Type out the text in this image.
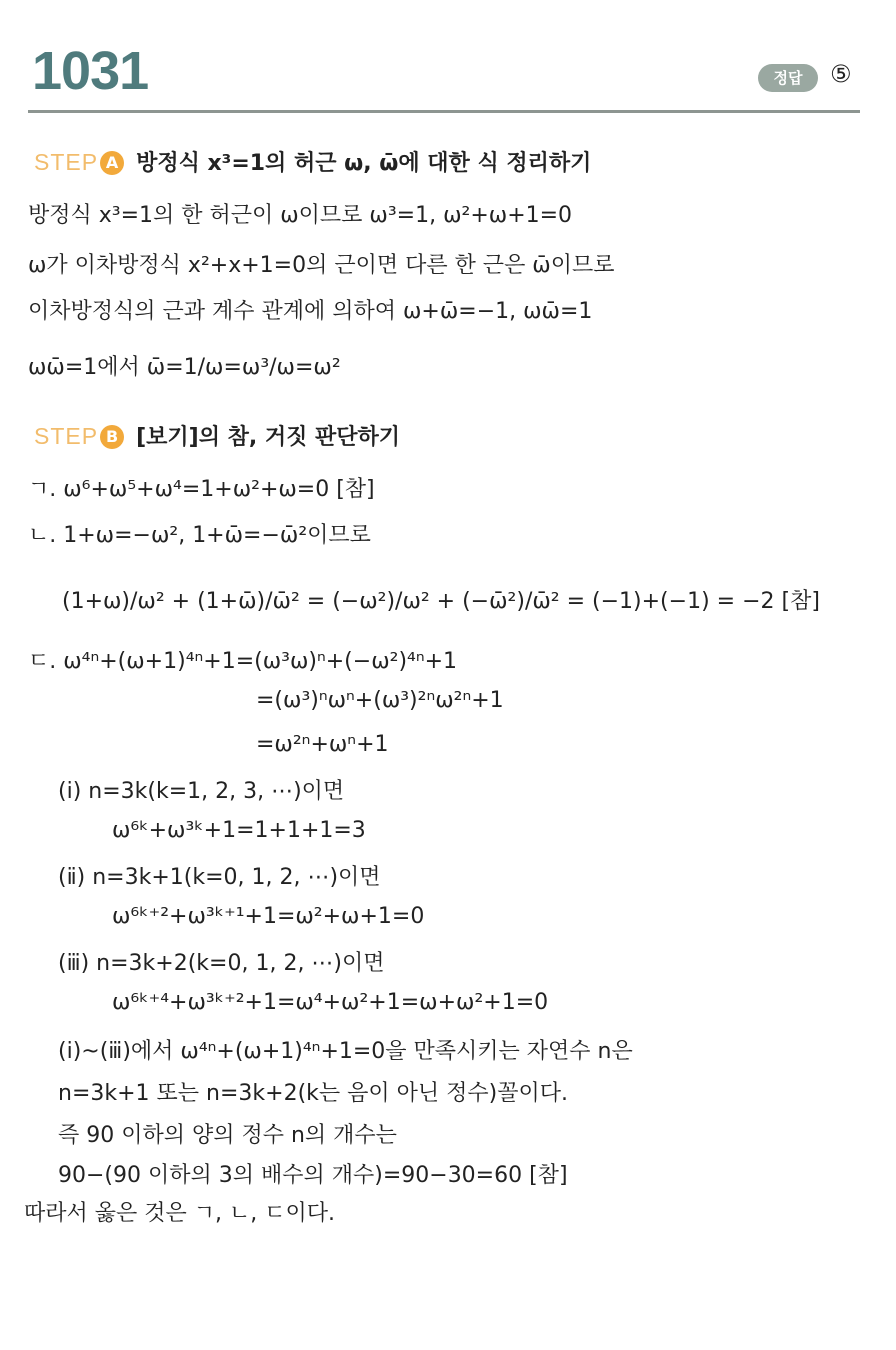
1031	정답	⑤
STEP A 방정식 x³=1의 허근 ω, ω̄에 대한 식 정리하기
방정식 x³=1의 한 허근이 ω이므로 ω³=1, ω²+ω+1=0
ω가 이차방정식 x²+x+1=0의 근이면 다른 한 근은 ω̄이므로
이차방정식의 근과 계수 관계에 의하여 ω+ω̄=−1, ωω̄=1
ωω̄=1에서 ω̄=1/ω=ω³/ω=ω²
STEP B [보기]의 참, 거짓 판단하기
ㄱ. ω⁶+ω⁵+ω⁴=1+ω²+ω=0 [참]
ㄴ. 1+ω=−ω², 1+ω̄=−ω̄²이므로
(1+ω)/ω² + (1+ω̄)/ω̄² = (−ω²)/ω² + (−ω̄²)/ω̄² = (−1)+(−1) = −2 [참]
ㄷ. ω⁴ⁿ+(ω+1)⁴ⁿ+1=(ω³ω)ⁿ+(−ω²)⁴ⁿ+1
=(ω³)ⁿωⁿ+(ω³)²ⁿω²ⁿ+1
=ω²ⁿ+ωⁿ+1
(ⅰ) n=3k(k=1, 2, 3, ⋯)이면
ω⁶ᵏ+ω³ᵏ+1=1+1+1=3
(ⅱ) n=3k+1(k=0, 1, 2, ⋯)이면
ω⁶ᵏ⁺²+ω³ᵏ⁺¹+1=ω²+ω+1=0
(ⅲ) n=3k+2(k=0, 1, 2, ⋯)이면
ω⁶ᵏ⁺⁴+ω³ᵏ⁺²+1=ω⁴+ω²+1=ω+ω²+1=0
(ⅰ)~(ⅲ)에서 ω⁴ⁿ+(ω+1)⁴ⁿ+1=0을 만족시키는 자연수 n은
n=3k+1 또는 n=3k+2(k는 음이 아닌 정수)꼴이다.
즉 90 이하의 양의 정수 n의 개수는
90−(90 이하의 3의 배수의 개수)=90−30=60 [참]
따라서 옳은 것은 ㄱ, ㄴ, ㄷ이다.
